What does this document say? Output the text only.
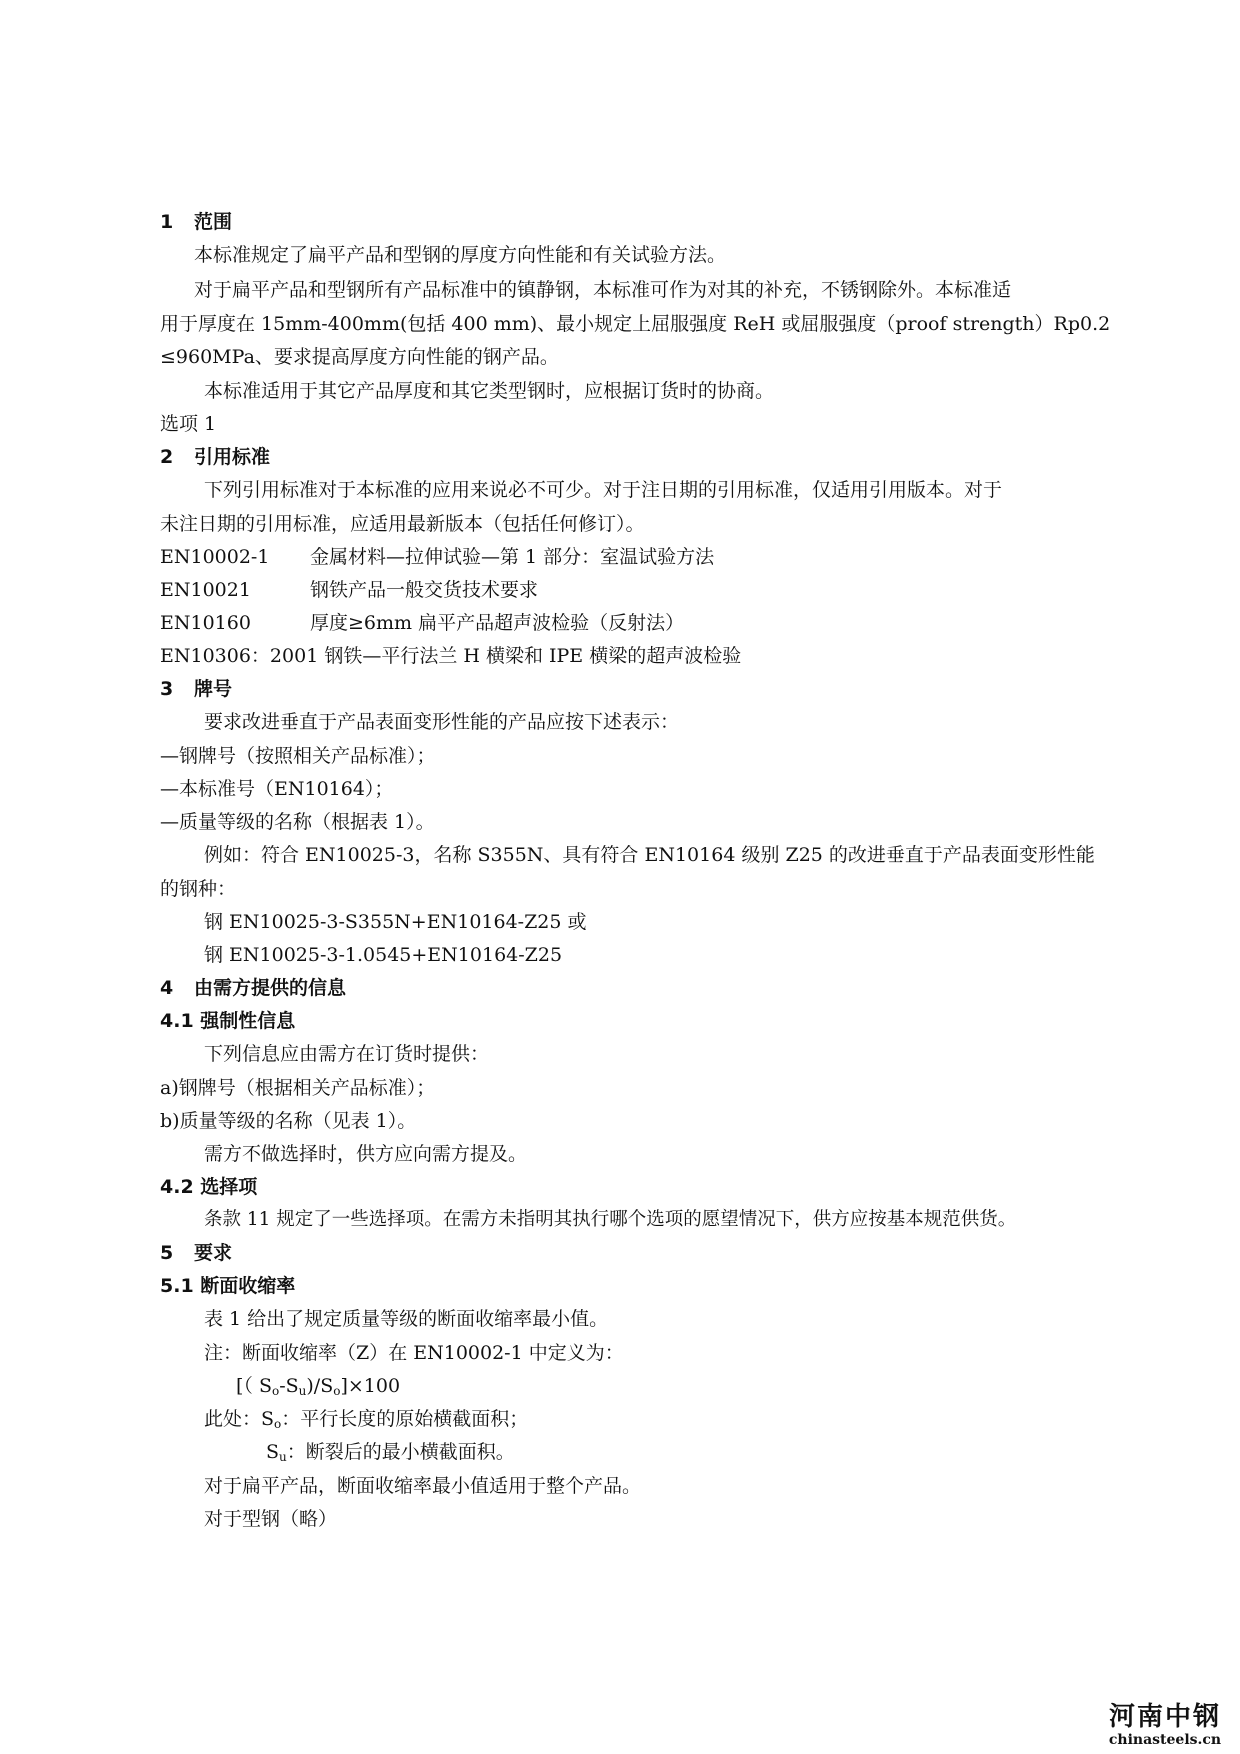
1 范围
本标准规定了扁平产品和型钢的厚度方向性能和有关试验方法。
对于扁平产品和型钢所有产品标准中的镇静钢，本标准可作为对其的补充，不锈钢除外。本标准适
用于厚度在 15mm-400mm(包括 400 mm)、最小规定上屈服强度 ReH 或屈服强度（proof strength）Rp0.2
≤960MPa、要求提高厚度方向性能的钢产品。
本标准适用于其它产品厚度和其它类型钢时，应根据订货时的协商。
选项 1
2 引用标准
下列引用标准对于本标准的应用来说必不可少。对于注日期的引用标准，仅适用引用版本。对于
未注日期的引用标准，应适用最新版本（包括任何修订）。
EN10002-1 金属材料—拉伸试验—第 1 部分：室温试验方法
EN10021	钢铁产品一般交货技术要求
EN10160	厚度≥6mm 扁平产品超声波检验（反射法）
EN10306：2001 钢铁—平行法兰 H 横梁和 IPE 横梁的超声波检验
3 牌号
要求改进垂直于产品表面变形性能的产品应按下述表示：
—钢牌号（按照相关产品标准）；
—本标准号（EN10164）；
—质量等级的名称（根据表 1）。
例如：符合 EN10025-3，名称 S355N、具有符合 EN10164 级别 Z25 的改进垂直于产品表面变形性能
的钢种：
钢 EN10025-3-S355N+EN10164-Z25 或
钢 EN10025-3-1.0545+EN10164-Z25
4 由需方提供的信息
4.1 强制性信息
下列信息应由需方在订货时提供：
a)钢牌号（根据相关产品标准）；
b)质量等级的名称（见表 1）。
需方不做选择时，供方应向需方提及。
4.2 选择项
条款 11 规定了一些选择项。在需方未指明其执行哪个选项的愿望情况下，供方应按基本规范供货。
5 要求
5.1 断面收缩率
表 1 给出了规定质量等级的断面收缩率最小值。
注：断面收缩率（Z）在 EN10002-1 中定义为：
[（ $S_o-S_u)/S_o]\times 100$
此处：$S_o$：平行长度的原始横截面积；
$S_u$：断裂后的最小横截面积。
对于扁平产品，断面收缩率最小值适用于整个产品。
对于型钢（略）
河南中钢
chinasteels.cn
